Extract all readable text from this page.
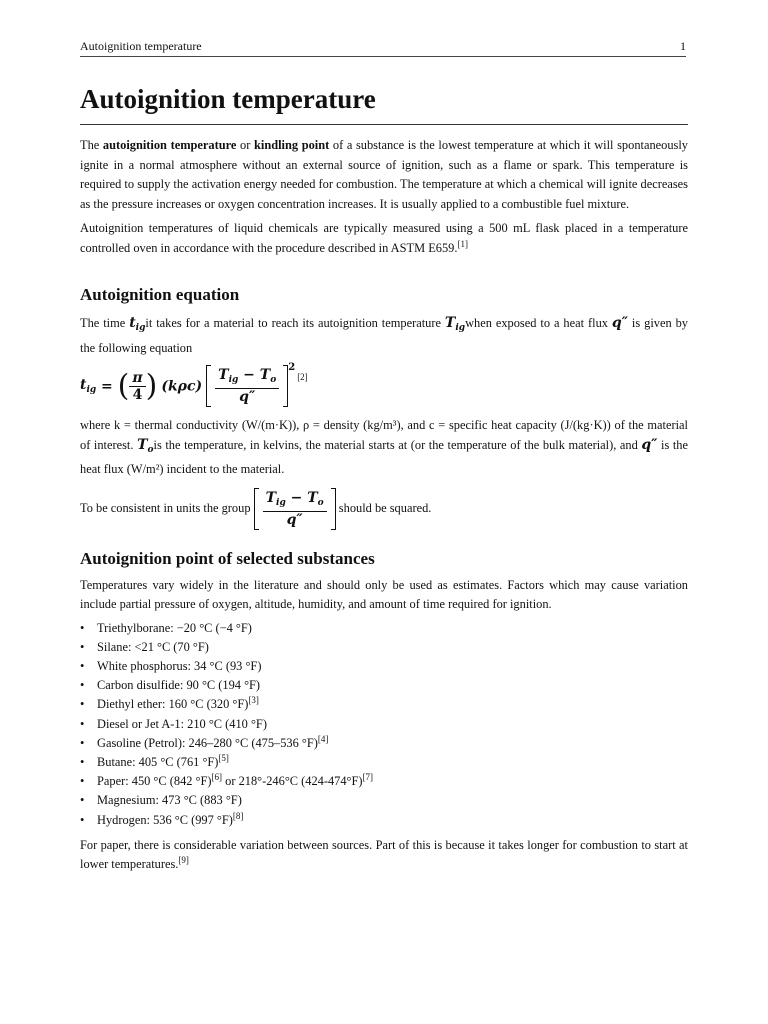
Autoignition temperature	1
Autoignition temperature

The autoignition temperature or kindling point of a substance is the lowest temperature at which it will spontaneously ignite in a normal atmosphere without an external source of ignition, such as a flame or spark. This temperature is required to supply the activation energy needed for combustion. The temperature at which a chemical will ignite decreases as the pressure increases or oxygen concentration increases. It is usually applied to a combustible fuel mixture.

Autoignition temperatures of liquid chemicals are typically measured using a 500 mL flask placed in a temperature controlled oven in accordance with the procedure described in ASTM E659.[1]

Autoignition equation

The time $t_{ig}it$ takes for a material to reach its autoignition temperature $T_{ig}when$ exposed to a heat flux q″ is given by the following equation

$t_{ig}$ = ( $\frac{\pi}{4}$ ) $(k\rho c) \frac{T_{ig} - T_o}{q''} ^{2[2]}$

where k = thermal conductivity (W/(m·K)), ρ = density (kg/m³), and c = specific heat capacity (J/(kg·K)) of the material of interest. $T_ois$ the temperature, in kelvins, the material starts at (or the temperature of the bulk material), and q″ is the heat flux (W/m²) incident to the material.

To be consistent in units the group $\frac{T_{ig} - T_o}{q''}$ should be squared.

Autoignition point of selected substances

Temperatures vary widely in the literature and should only be used as estimates. Factors which may cause variation include partial pressure of oxygen, altitude, humidity, and amount of time required for ignition.

• Triethylborane: −20 °C (−4 °F)
• Silane: <21 °C (70 °F)
• White phosphorus: 34 °C (93 °F)
• Carbon disulfide: 90 °C (194 °F)
• Diethyl ether: 160 °C (320 °F)[3]
• Diesel or Jet A-1: 210 °C (410 °F)
• Gasoline (Petrol): 246–280 °C (475–536 °F)[4]
• Butane: 405 °C (761 °F)[5]
• Paper: 450 °C (842 °F)[6] or 218°-246°C (424-474°F)[7]
• Magnesium: 473 °C (883 °F)
• Hydrogen: 536 °C (997 °F)[8]

For paper, there is considerable variation between sources. Part of this is because it takes longer for combustion to start at lower temperatures.[9]
